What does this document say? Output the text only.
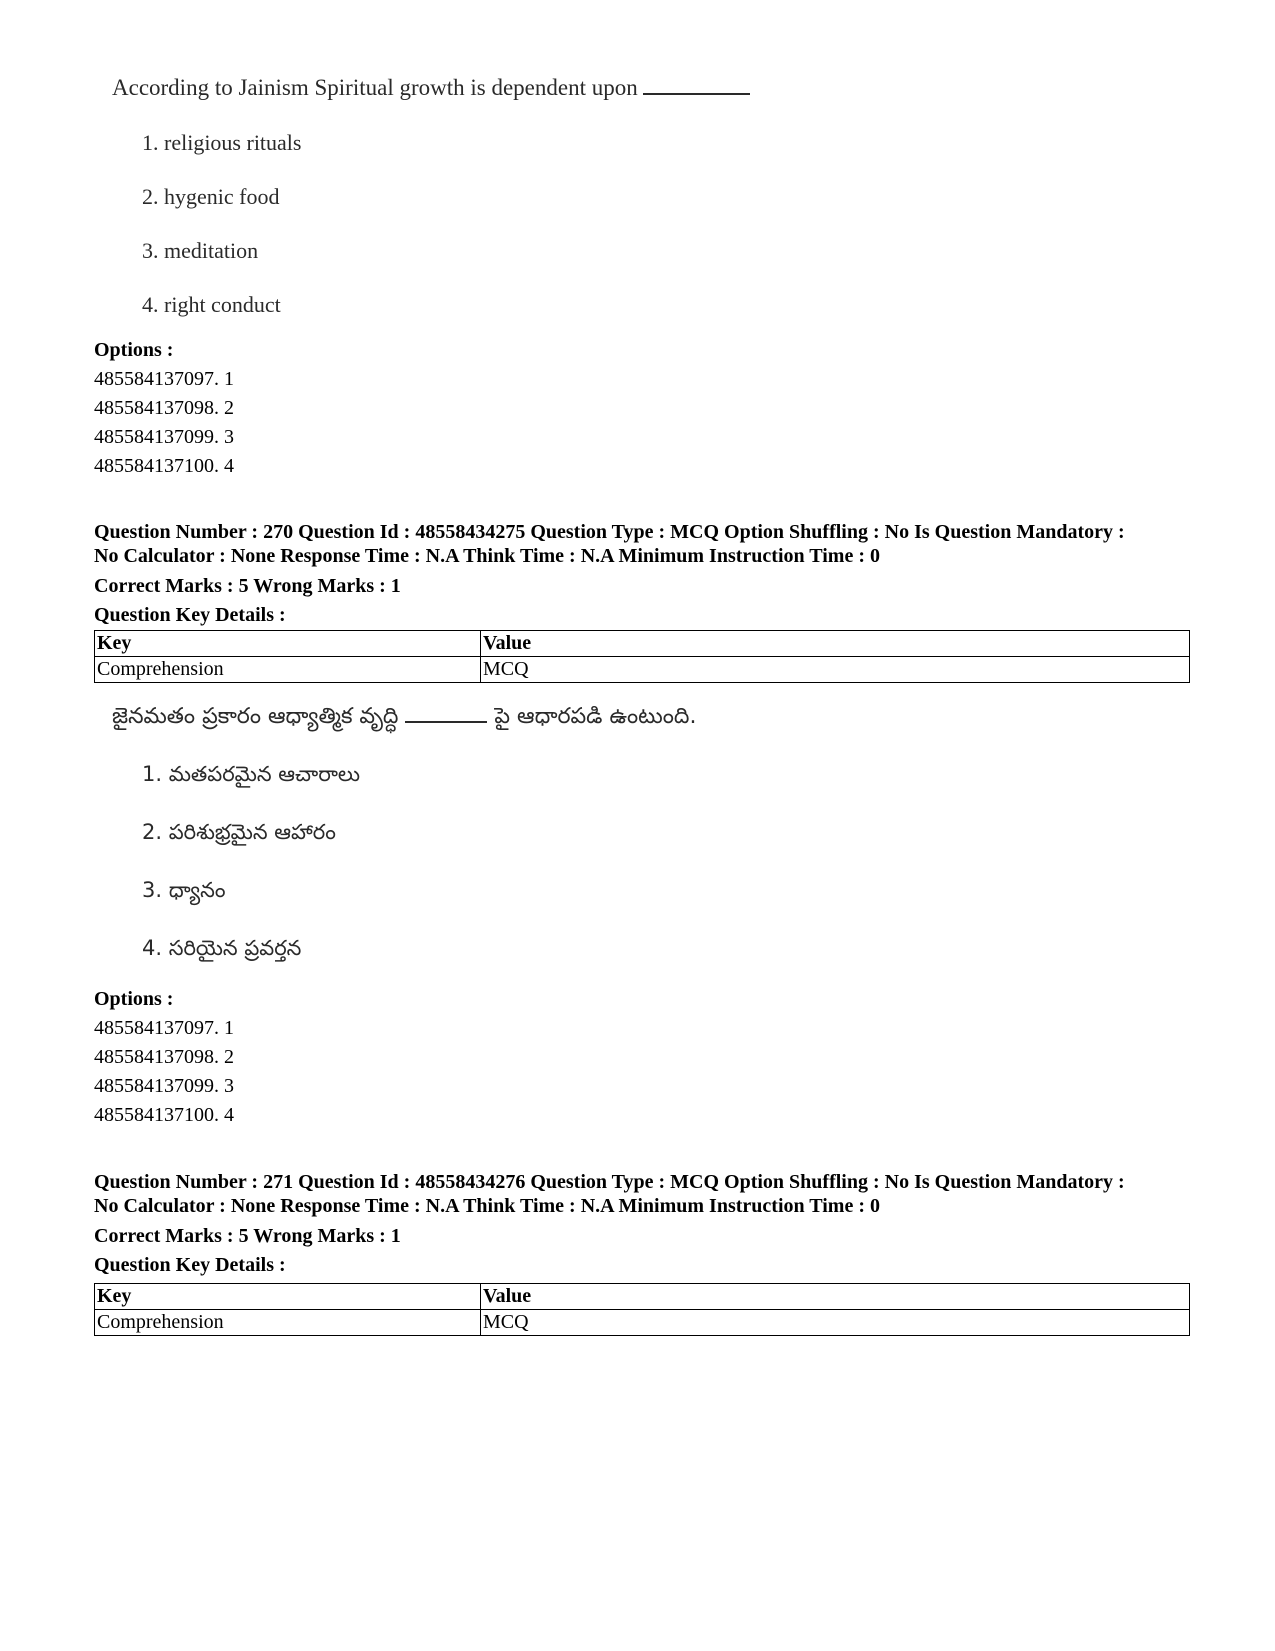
According to Jainism Spiritual growth is dependent upon
1. religious rituals
2. hygenic food
3. meditation
4. right conduct
Options :
485584137097. 1
485584137098. 2
485584137099. 3
485584137100. 4
Question Number : 270 Question Id : 48558434275 Question Type : MCQ Option Shuffling : No Is Question Mandatory :
No Calculator : None Response Time : N.A Think Time : N.A Minimum Instruction Time : 0
Correct Marks : 5 Wrong Marks : 1
Question Key Details :
Key	Value
Comprehension	MCQ
జైనమతం ప్రకారం ఆధ్యాత్మిక వృద్ధి	పై ఆధారపడి ఉంటుంది.
1. మతపరమైన ఆచారాలు
2. పరిశుభ్రమైన ఆహారం
3. ధ్యానం
4. సరియైన ప్రవర్తన
Options :
485584137097. 1
485584137098. 2
485584137099. 3
485584137100. 4
Question Number : 271 Question Id : 48558434276 Question Type : MCQ Option Shuffling : No Is Question Mandatory :
No Calculator : None Response Time : N.A Think Time : N.A Minimum Instruction Time : 0
Correct Marks : 5 Wrong Marks : 1
Question Key Details :
Key	Value
Comprehension	MCQ
